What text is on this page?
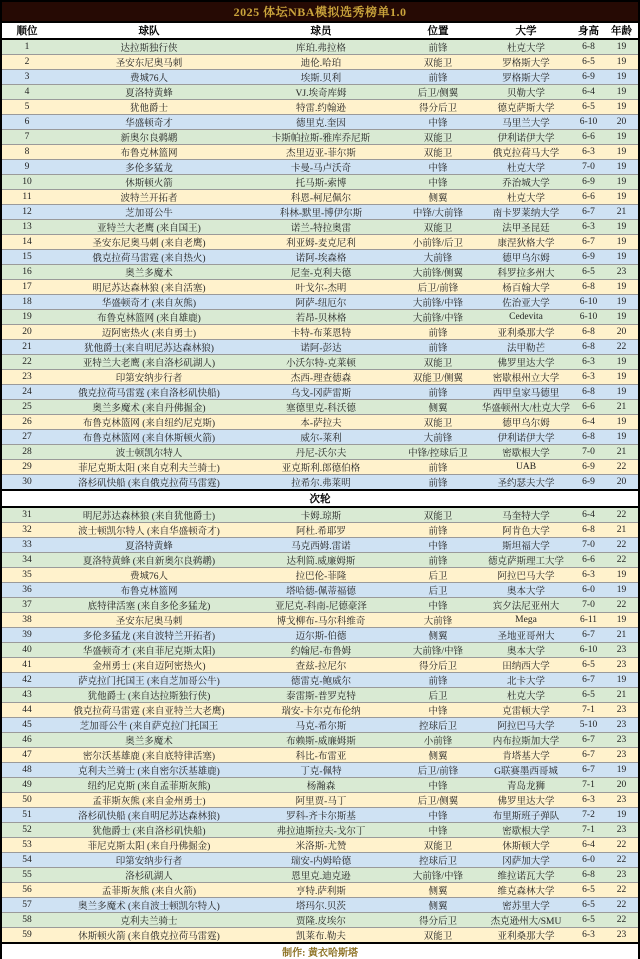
2025 体坛NBA模拟选秀榜单1.0						
顺位	球队	球员	位置	大学	身高	年龄
1	达拉斯独行侠	库珀.弗拉格	前锋	杜克大学	6-8	19
2	圣安东尼奥马刺	迪伦.哈珀	双能卫	罗格斯大学	6-5	19
3	费城76人	埃斯.贝利	前锋	罗格斯大学	6-9	19
4	夏洛特黄蜂	VJ.埃奇库姆	后卫/侧翼	贝勒大学	6-4	19
5	犹他爵士	特雷.约翰逊	得分后卫	德克萨斯大学	6-5	19
6	华盛顿奇才	德里克.奎因	中锋	马里兰大学	6-10	20
7	新奥尔良鹈鹕	卡斯帕拉斯-雅库乔尼斯	双能卫	伊利诺伊大学	6-6	19
8	布鲁克林篮网	杰里迈亚-菲尔斯	双能卫	俄克拉荷马大学	6-3	19
9	多伦多猛龙	卡曼-马卢沃奇	中锋	杜克大学	7-0	19
10	休斯顿火箭	托马斯-索博	中锋	乔治城大学	6-9	19
11	波特兰开拓者	科恩-柯尼佩尔	侧翼	杜克大学	6-6	19
12	芝加哥公牛	科林-默里-博伊尔斯	中锋/大前锋	南卡罗莱纳大学	6-7	21
13	亚特兰大老鹰 (来自国王)	诺兰-特拉奥雷	双能卫	法甲圣昆廷	6-3	19
14	圣安东尼奥马刺 (来自老鹰)	利亚姆-麦克尼利	小前锋/后卫	康涅狄格大学	6-7	19
15	俄克拉荷马雷霆 (来自热火)	诺阿-埃森格	大前锋	德甲乌尔姆	6-9	19
16	奥兰多魔术	尼奎-克利夫德	大前锋/侧翼	科罗拉多州大	6-5	23
17	明尼苏达森林狼 (来自活塞)	叶戈尔-杰明	后卫/前锋	杨百翰大学	6-8	19
18	华盛顿奇才 (来自灰熊)	阿萨-纽厄尔	大前锋/中锋	佐治亚大学	6-10	19
19	布鲁克林篮网 (来自雄鹿)	若昂-贝林格	大前锋/中锋	Cedevita	6-10	19
20	迈阿密热火 (来自勇士)	卡特-布莱恩特	前锋	亚利桑那大学	6-8	20
21	犹他爵士(来自明尼苏达森林狼)	诺阿-彭达	前锋	法甲勒芒	6-8	22
22	亚特兰大老鹰 (来自洛杉矶湖人)	小沃尔特-克莱顿	双能卫	佛罗里达大学	6-3	19
23	印第安纳步行者	杰西-理查德森	双能卫/侧翼	密歇根州立大学	6-3	19
24	俄克拉荷马雷霆 (来自洛杉矶快船)	乌戈-冈萨雷斯	前锋	西甲皇家马德里	6-8	19
25	奥兰多魔术 (来自丹佛掘金)	塞德里克-科沃德	侧翼	华盛顿州大/杜克大学	6-6	21
26	布鲁克林篮网 (来自纽约尼克斯)	本-萨拉夫	双能卫	德甲乌尔姆	6-4	19
27	布鲁克林篮网 (来自休斯顿火箭)	威尔-莱利	大前锋	伊利诺伊大学	6-8	19
28	波士顿凯尔特人	丹尼-沃尔夫	中锋/控球后卫	密歇根大学	7-0	21
29	菲尼克斯太阳 (来自克利夫兰骑士)	亚克斯利.郎德伯格	前锋	UAB	6-9	22
30	洛杉矶快船 (来自俄克拉荷马雷霆)	拉希尔.弗莱明	前锋	圣约瑟夫大学	6-9	20
次轮						
31	明尼苏达森林狼 (来自犹他爵士)	卡姆.琼斯	双能卫	马奎特大学	6-4	22
32	波士顿凯尔特人 (来自华盛顿奇才)	阿杜.希耶罗	前锋	阿肯色大学	6-8	21
33	夏洛特黄蜂	马克西姆.雷诺	中锋	斯坦福大学	7-0	22
34	夏洛特黄蜂 (来自新奥尔良鹈鹕)	达利简.威廉姆斯	前锋	德克萨斯理工大学	6-6	22
35	费城76人	拉巴伦-菲隆	后卫	阿拉巴马大学	6-3	19
36	布鲁克林篮网	塔哈德-佩蒂福德	后卫	奥本大学	6-0	19
37	底特律活塞 (来自多伦多猛龙)	亚尼克-科南-尼德豪泽	中锋	宾夕法尼亚州大	7-0	22
38	圣安东尼奥马刺	博戈柳布-马尔科维奇	大前锋	Mega	6-11	19
39	多伦多猛龙 (来自波特兰开拓者)	迈尔斯-伯德	侧翼	圣地亚哥州大	6-7	21
40	华盛顿奇才 (来自菲尼克斯太阳)	约翰尼-布鲁姆	大前锋/中锋	奥本大学	6-10	23
41	金州勇士 (来自迈阿密热火)	查兹-拉尼尔	得分后卫	田纳西大学	6-5	23
42	萨克拉门托国王 (来自芝加哥公牛)	德雷克-鲍威尔	前锋	北卡大学	6-7	19
43	犹他爵士 (来自达拉斯独行侠)	泰雷斯-普罗克特	后卫	杜克大学	6-5	21
44	俄克拉荷马雷霆 (来自亚特兰大老鹰)	瑞安-卡尔克布伦纳	中锋	克雷顿大学	7-1	23
45	芝加哥公牛 (来自萨克拉门托国王	马克-希尔斯	控球后卫	阿拉巴马大学	5-10	23
46	奥兰多魔术	布赖斯-威廉姆斯	小前锋	内布拉斯加大学	6-7	23
47	密尔沃基雄鹿 (来自底特律活塞)	科比-布雷亚	侧翼	肯塔基大学	6-7	23
48	克利夫兰骑士 (来自密尔沃基雄鹿)	丁克-佩特	后卫/前锋	G联赛墨西哥城	6-7	19
49	纽约尼克斯 (来自孟菲斯灰熊)	杨瀚森	中锋	青岛龙狮	7-1	20
50	孟菲斯灰熊 (来自金州勇士)	阿里贾-马丁	后卫/侧翼	佛罗里达大学	6-3	23
51	洛杉矶快船 (来自明尼苏达森林狼)	罗科-齐卡尔斯基	中锋	布里斯班子弹队	7-2	19
52	犹他爵士 (来自洛杉矶快船)	弗拉迪斯拉夫-戈尔丁	中锋	密歇根大学	7-1	23
53	菲尼克斯太阳 (来自丹佛掘金)	米洛斯-尤赞	双能卫	休斯顿大学	6-4	22
54	印第安纳步行者	瑞安-内姆哈德	控球后卫	冈萨加大学	6-0	22
55	洛杉矶湖人	恩里克.迪克逊	大前锋/中锋	维拉诺瓦大学	6-8	23
56	孟菲斯灰熊 (来自火箭)	亨特.萨利斯	侧翼	维克森林大学	6-5	22
57	奥兰多魔术 (来自波士顿凯尔特人)	塔玛尔.贝茨	侧翼	密苏里大学	6-5	22
58	克利夫兰骑士	贾隆.皮埃尔	得分后卫	杰克逊州大/SMU	6-5	22
59	休斯顿火箭 (来自俄克拉荷马雷霆)	凯莱布.勒夫	双能卫	亚利桑那大学	6-3	23
制作: 黄衣哈斯塔						
